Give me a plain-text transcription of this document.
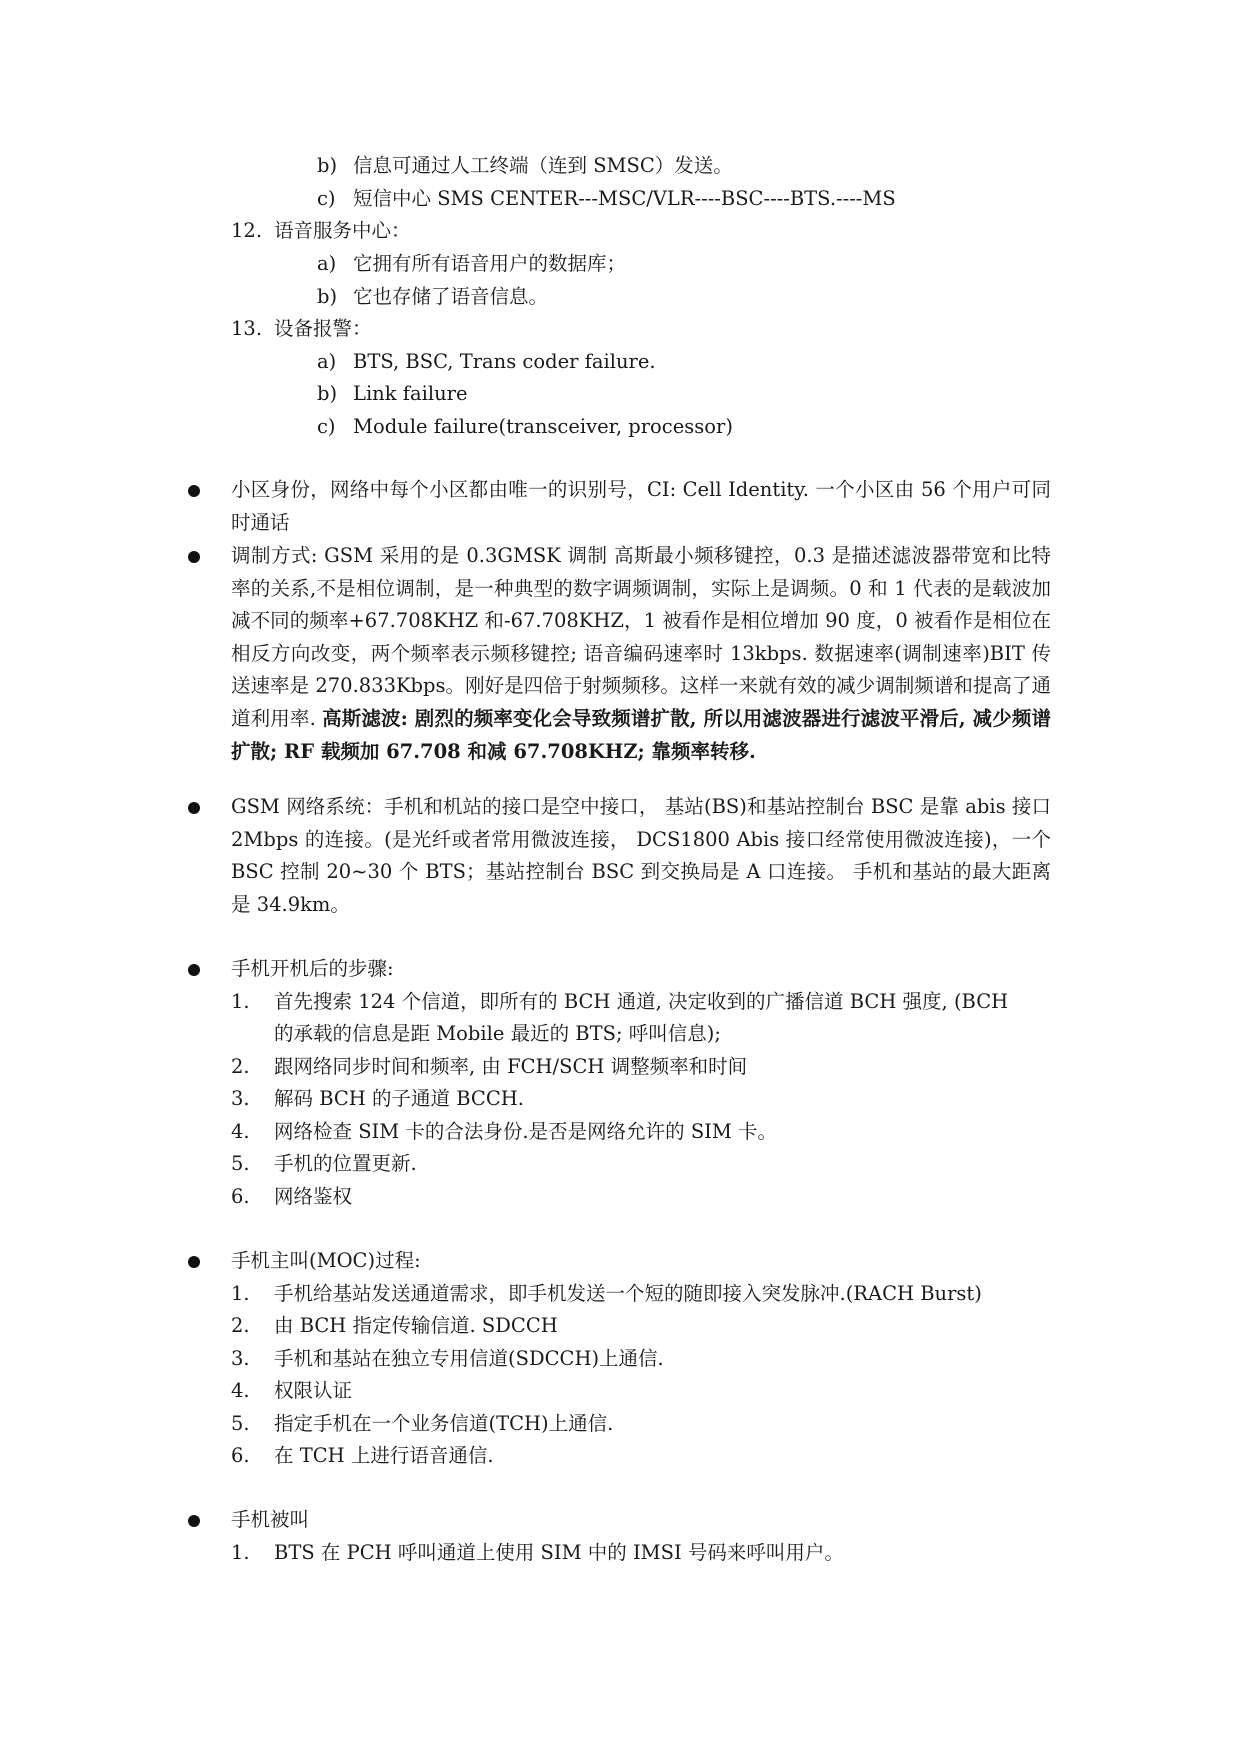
b) 信息可通过人工终端（连到 SMSC）发送。
c) 短信中心 SMS CENTER---MSC/VLR----BSC----BTS.----MS
12. 语音服务中心：
a) 它拥有所有语音用户的数据库；
b) 它也存储了语音信息。
13. 设备报警：
a) BTS, BSC, Trans coder failure.
b) Link failure
c) Module failure(transceiver, processor)
小区身份，网络中每个小区都由唯一的识别号，CI: Cell Identity. 一个小区由 56 个用户可同时通话
调制方式: GSM 采用的是 0.3GMSK 调制 高斯最小频移键控，0.3 是描述滤波器带宽和比特率的关系,不是相位调制，是一种典型的数字调频调制，实际上是调频。0 和 1 代表的是载波加减不同的频率+67.708KHZ 和-67.708KHZ，1 被看作是相位增加 90 度，0 被看作是相位在相反方向改变，两个频率表示频移键控; 语音编码速率时 13kbps. 数据速率(调制速率)BIT 传送速率是 270.833Kbps。刚好是四倍于射频频移。这样一来就有效的减少调制频谱和提高了通道利用率. 高斯滤波: 剧烈的频率变化会导致频谱扩散, 所以用滤波器进行滤波平滑后, 减少频谱扩散; RF 载频加 67.708 和减 67.708KHZ; 靠频率转移.
GSM 网络系统：手机和机站的接口是空中接口， 基站(BS)和基站控制台 BSC 是靠 abis 接口 2Mbps 的连接。(是光纤或者常用微波连接， DCS1800 Abis 接口经常使用微波连接)，一个 BSC 控制 20~30 个 BTS；基站控制台 BSC 到交换局是 A 口连接。 手机和基站的最大距离是 34.9km。
手机开机后的步骤:
1. 首先搜索 124 个信道，即所有的 BCH 通道, 决定收到的广播信道 BCH 强度, (BCH
的承载的信息是距 Mobile 最近的 BTS; 呼叫信息);
2. 跟网络同步时间和频率, 由 FCH/SCH 调整频率和时间
3. 解码 BCH 的子通道 BCCH.
4. 网络检查 SIM 卡的合法身份.是否是网络允许的 SIM 卡。
5. 手机的位置更新.
6. 网络鉴权
手机主叫(MOC)过程:
1. 手机给基站发送通道需求，即手机发送一个短的随即接入突发脉冲.(RACH Burst)
2. 由 BCH 指定传输信道. SDCCH
3. 手机和基站在独立专用信道(SDCCH)上通信.
4. 权限认证
5. 指定手机在一个业务信道(TCH)上通信.
6. 在 TCH 上进行语音通信.
手机被叫
1. BTS 在 PCH 呼叫通道上使用 SIM 中的 IMSI 号码来呼叫用户。
